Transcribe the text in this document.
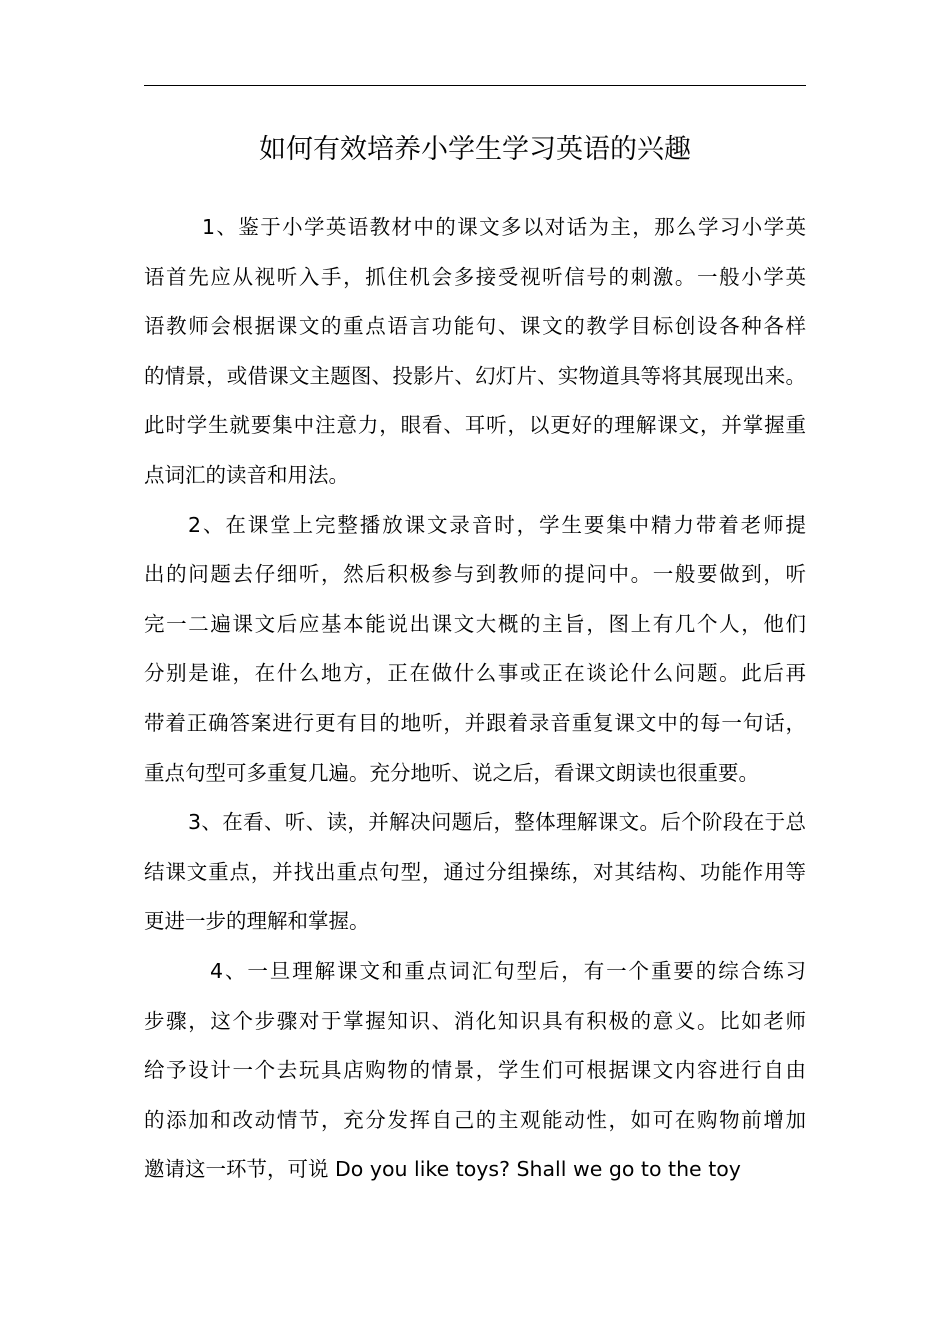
如何有效培养小学生学习英语的兴趣

1、鉴于小学英语教材中的课文多以对话为主，那么学习小学英

语首先应从视听入手，抓住机会多接受视听信号的刺激。一般小学英

语教师会根据课文的重点语言功能句、课文的教学目标创设各种各样

的情景，或借课文主题图、投影片、幻灯片、实物道具等将其展现出来。

此时学生就要集中注意力，眼看、耳听，以更好的理解课文，并掌握重

点词汇的读音和用法。

2、在课堂上完整播放课文录音时，学生要集中精力带着老师提

出的问题去仔细听，然后积极参与到教师的提问中。一般要做到，听

完一二遍课文后应基本能说出课文大概的主旨，图上有几个人，他们

分别是谁，在什么地方，正在做什么事或正在谈论什么问题。此后再

带着正确答案进行更有目的地听，并跟着录音重复课文中的每一句话，

重点句型可多重复几遍。充分地听、说之后，看课文朗读也很重要。

3、在看、听、读，并解决问题后，整体理解课文。后个阶段在于总

结课文重点，并找出重点句型，通过分组操练，对其结构、功能作用等

更进一步的理解和掌握。

4、一旦理解课文和重点词汇句型后，有一个重要的综合练习

步骤，这个步骤对于掌握知识、消化知识具有积极的意义。比如老师

给予设计一个去玩具店购物的情景，学生们可根据课文内容进行自由

的添加和改动情节，充分发挥自己的主观能动性，如可在购物前增加

邀请这一环节，可说 Do you like toys? Shall we go to the toy
